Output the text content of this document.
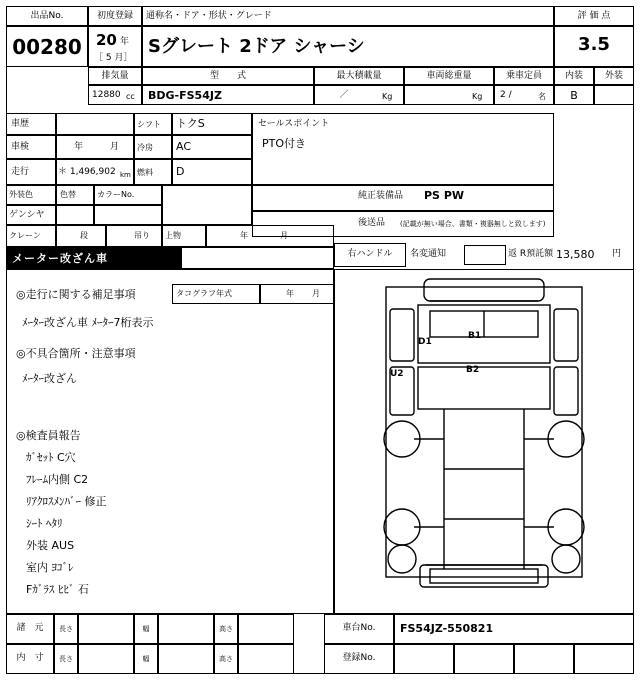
出品No.
00280
初度登録
20 年
［ 5 月］
通称名・ドア・形状・グレード
Sグレート 2ドア シャーシ
評 価 点
3.5
排気量	型　　式	最大積載量	車両総重量	乗車定員
12880 cc BDG-FS54JZ	／	Kg	Kg 2 /	名
内装	外装
B
車歴	シフト トクS
車検	年	月 冷房 AC
走行	＊ 1,496,902 km 燃料 D
セールスポイント
PTO付き
外装色
ゲンシヤ
色替	カラーNo.	純正装備品 PS PW
後送品 (記載が無い場合、書類・複器無しと致します)
クレーン	段	吊り 上物	年	月
メーター改ざん車	右ハンドル	名変通知	返 R預託額 13,580 円
◎走行に関する補足事項	タコグラフ年式	年 月
ﾒｰﾀｰ改ざん車 ﾒｰﾀｰ7桁表示
◎不具合箇所・注意事項
ﾒｰﾀｰ改ざん
◎検査員報告
ｶﾞｾｯﾄ C穴
ﾌﾚｰﾑ内側 C2
ﾘｱｸﾛｽﾒﾝﾊﾞｰ 修正
ｼｰﾄ ﾍﾀﾘ
外装 AUS
室内 ﾖｺﾞﾚ
Fｶﾞﾗｽ ﾋﾋﾞ 石
D1
B1
U2	B2
諸　元	長さ	幅	高さ	車台No.	FS54JZ-550821
内　寸	長さ	幅	高さ	登録No.
